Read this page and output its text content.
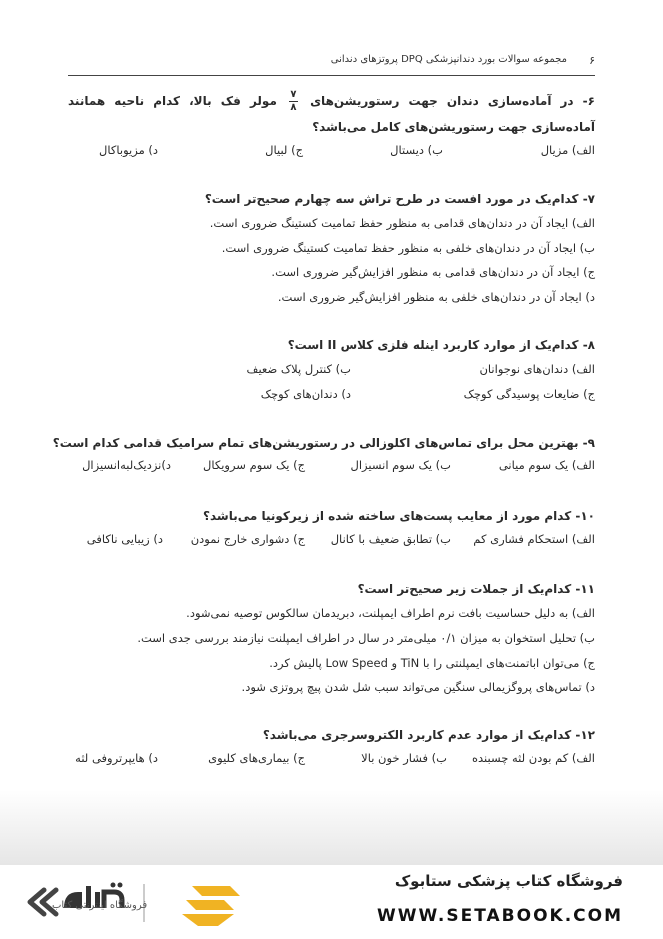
۶
مجموعه سوالات بورد دندانپزشکی DPQ پروتزهای دندانی
۶- در آماده‌سازی دندان جهت رستوریشن‌های
$\frac{۷}{۸}$
مولر فک بالا، کدام ناحیه همانند آماده‌سازی جهت رستوریشن‌های کامل می‌باشد؟
الف) مزیال
ب) دیستال
ج) لبیال
د) مزیوباکال
۷- کدام‌یک در مورد افست در طرح تراش سه چهارم صحیح‌تر است؟
الف) ایجاد آن در دندان‌های قدامی به منظور حفظ تمامیت کستینگ ضروری است.
ب) ایجاد آن در دندان‌های خلفی به منظور حفظ تمامیت کستینگ ضروری است.
ج) ایجاد آن در دندان‌های قدامی به منظور افزایش‌گیر ضروری است.
د) ایجاد آن در دندان‌های خلفی به منظور افزایش‌گیر ضروری است.
۸- کدام‌یک از موارد کاربرد اینله فلزی کلاس II است؟
الف) دندان‌های نوجوانان
ب) کنترل پلاک ضعیف
ج) ضایعات پوسیدگی کوچک
د) دندان‌های کوچک
۹- بهترین محل برای تماس‌های اکلوزالی در رستوریشن‌های تمام سرامیک قدامی کدام است؟
الف) یک سوم میانی
ب) یک سوم انسیزال
ج) یک سوم سرویکال
د)نزدیک‌لبه‌انسیزال
۱۰- کدام مورد از معایب پست‌های ساخته شده از زیرکونیا می‌باشد؟
الف) استحکام فشاری کم
ب) تطابق ضعیف با کانال
ج) دشواری خارج نمودن
د) زیبایی ناکافی
۱۱- کدام‌یک از جملات زیر صحیح‌تر است؟
الف) به دلیل حساسیت بافت نرم اطراف ایمپلنت، دبریدمان سالکوس توصیه نمی‌شود.
ب) تحلیل استخوان به میزان ۰/۱ میلی‌متر در سال در اطراف ایمپلنت نیازمند بررسی جدی است.
ج) می‌توان اباتمنت‌های ایمپلنتی را با TiN و Low Speed پالیش کرد.
د) تماس‌های پروگزیمالی سنگین می‌تواند سبب شل شدن پیچ پروتزی شود.
۱۲- کدام‌یک از موارد عدم کاربرد الکتروسرجری می‌باشد؟
الف) کم بودن لثه چسبنده
ب) فشار خون بالا
ج) بیماری‌های کلیوی
د) هایپرتروفی لثه
فروشگاه اینترنتی کتاب
فروشگاه کتاب پزشکی ستابوک
WWW.SETABOOK.COM
